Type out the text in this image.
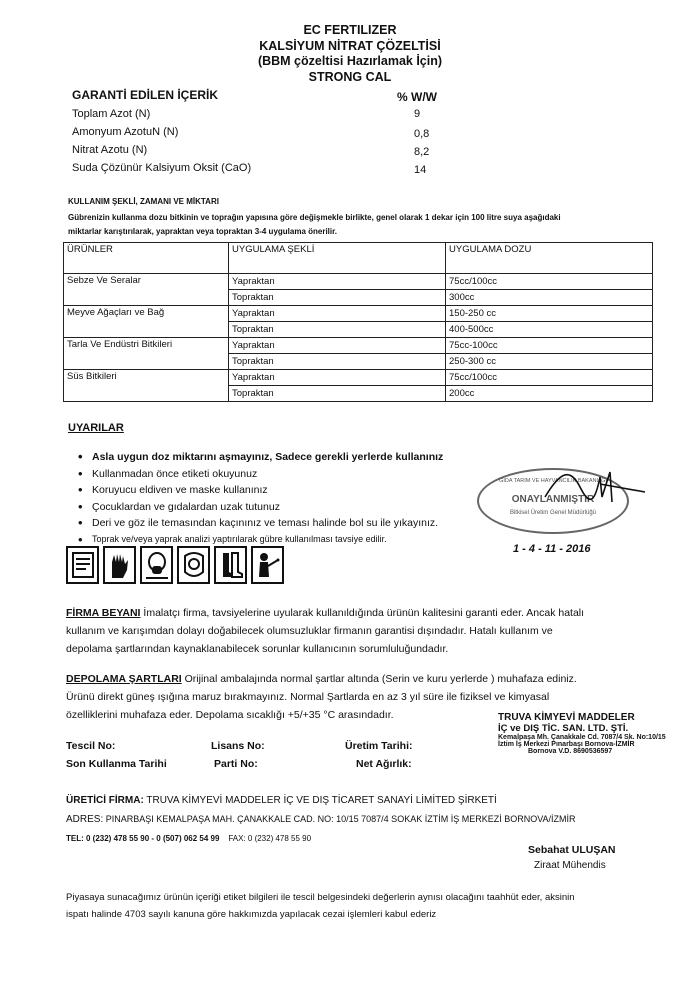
EC FERTILIZER
KALSİYUM NİTRAT ÇÖZELTİSİ
(BBM çözeltisi Hazırlamak İçin)
STRONG CAL
GARANTİ EDİLEN İÇERİK	% W/W
Toplam Azot (N)	9
Amonyum AzotuN (N)	0,8
Nitrat Azotu (N)	8,2
Suda Çözünür Kalsiyum Oksit (CaO)	14
KULLANIM ŞEKLİ, ZAMANI VE MİKTARI
Gübrenizin kullanma dozu bitkinin ve toprağın yapısına göre değişmekle birlikte, genel olarak 1 dekar için 100 litre suya aşağıdaki
miktarlar karıştırılarak, yapraktan veya topraktan 3-4 uygulama önerilir.
ÜRÜNLER	UYGULAMA ŞEKLİ	UYGULAMA DOZU
Sebze Ve Seralar	Yapraktan	75cc/100cc
	Topraktan	300cc
Meyve Ağaçları ve Bağ	Yapraktan	150-250 cc
	Topraktan	400-500cc
Tarla Ve Endüstri Bitkileri	Yapraktan	75cc-100cc
	Topraktan	250-300 cc
Süs Bitkileri	Yapraktan	75cc/100cc
	Topraktan	200cc
UYARILAR
• Asla uygun doz miktarını aşmayınız, Sadece gerekli yerlerde kullanınız
• Kullanmadan önce etiketi okuyunuz
• Koruyucu eldiven ve maske kullanınız
• Çocuklardan ve gıdalardan uzak tutunuz
• Deri ve göz ile temasından kaçınınız ve teması halinde bol su ile yıkayınız.
• Toprak ve/veya yaprak analizi yaptırılarak gübre kullanılması tavsiye edilir.
GIDA TARIM VE HAYVANCILIK BAKANLIĞI
ONAYLANMIŞTIR
Bitkisel Üretim Genel Müdürlüğü
1 - 4 - 11 - 2016
FİRMA BEYANI İmalatçı firma, tavsiyelerine uyularak kullanıldığında ürünün kalitesini garanti eder. Ancak hatalı
kullanım ve karışımdan dolayı doğabilecek olumsuzluklar firmanın garantisi dışındadır. Hatalı kullanım ve
depolama şartlarından kaynaklanabilecek sorunlar kullanıcının sorumluluğundadır.
DEPOLAMA ŞARTLARI Orijinal ambalajında normal şartlar altında (Serin ve kuru yerlerde ) muhafaza ediniz.
Ürünü direkt güneş ışığına maruz bırakmayınız. Normal Şartlarda en az 3 yıl süre ile fiziksel ve kimyasal
özelliklerini muhafaza eder. Depolama sıcaklığı +5/+35 °C arasındadır.	TRUVA KİMYEVİ MADDELER
İÇ ve DIŞ TİC. SAN. LTD. ŞTİ.
Kemalpaşa Mh. Çanakkale Cd. 7087/4 Sk. No:10/15
İztim İş Merkezi Pınarbaşı Bornova-İZMİR
Bornova V.D. 8690536597
Tescil No:	Lisans No:	Üretim Tarihi:
Son Kullanma Tarihi	Parti No:	Net Ağırlık:
ÜRETİCİ FİRMA: TRUVA KİMYEVİ MADDELER İÇ VE DIŞ TİCARET SANAYİ LİMİTED ŞİRKETİ
ADRES: PINARBAŞI KEMALPAŞA MAH. ÇANAKKALE CAD. NO: 10/15 7087/4 SOKAK İZTİM İŞ MERKEZİ BORNOVA/İZMİR
TEL: 0 (232) 478 55 90 - 0 (507) 062 54 99 FAX: 0 (232) 478 55 90
Sebahat ULUŞAN
Ziraat Mühendis
Piyasaya sunacağımız ürünün içeriği etiket bilgileri ile tescil belgesindeki değerlerin aynısı olacağını taahhüt eder, aksinin
ispatı halinde 4703 sayılı kanuna göre hakkımızda yapılacak cezai işlemleri kabul ederiz
